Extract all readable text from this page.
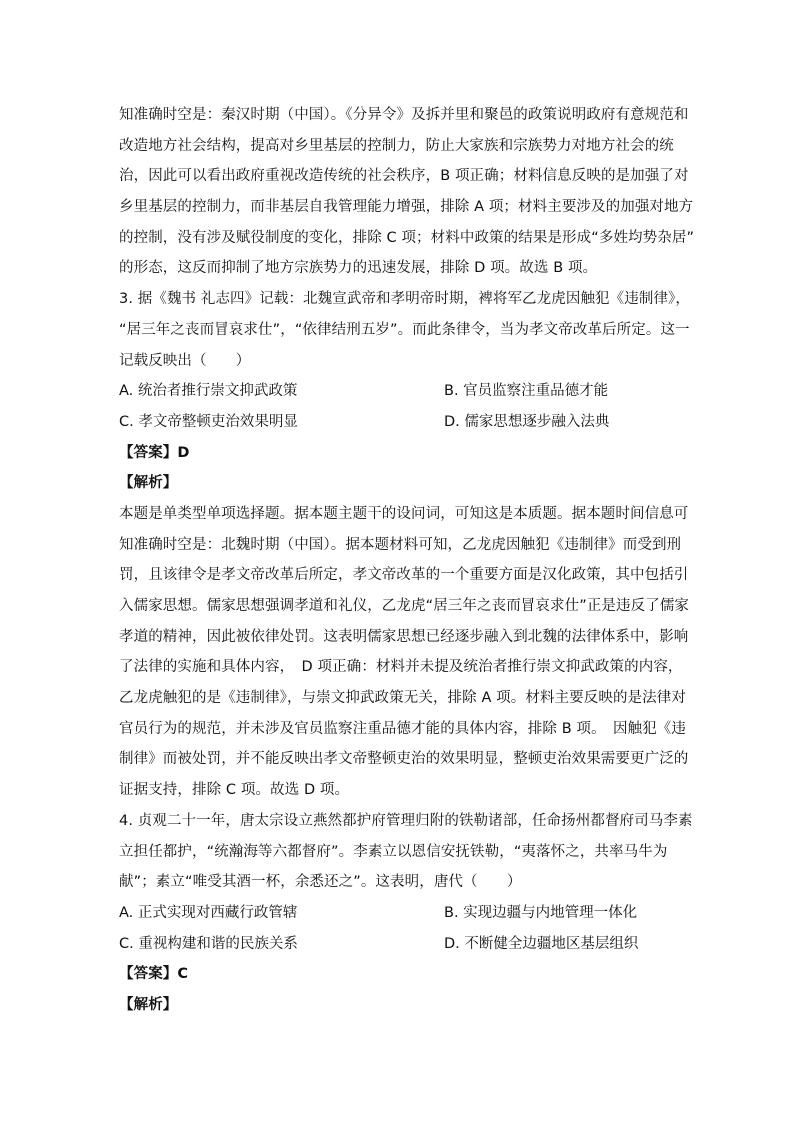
知准确时空是：秦汉时期（中国）。《分异令》及拆并里和聚邑的政策说明政府有意规范和
改造地方社会结构，提高对乡里基层的控制力，防止大家族和宗族势力对地方社会的统
治，因此可以看出政府重视改造传统的社会秩序，B 项正确；材料信息反映的是加强了对
乡里基层的控制力，而非基层自我管理能力增强，排除 A 项；材料主要涉及的加强对地方
的控制，没有涉及赋役制度的变化，排除 C 项；材料中政策的结果是形成“多姓均势杂居”
的形态，这反而抑制了地方宗族势力的迅速发展，排除 D 项。故选 B 项。
3. 据《魏书 礼志四》记载：北魏宣武帝和孝明帝时期，裨将军乙龙虎因触犯《违制律》，
“居三年之丧而冒哀求仕”，“依律结刑五岁”。而此条律令，当为孝文帝改革后所定。这一
记载反映出（　　）
A. 统治者推行崇文抑武政策	B. 官员监察注重品德才能
C. 孝文帝整顿吏治效果明显	D. 儒家思想逐步融入法典
【答案】D
【解析】
本题是单类型单项选择题。据本题主题干的设问词，可知这是本质题。据本题时间信息可
知准确时空是：北魏时期（中国）。据本题材料可知，乙龙虎因触犯《违制律》而受到刑
罚，且该律令是孝文帝改革后所定，孝文帝改革的一个重要方面是汉化政策，其中包括引
入儒家思想。儒家思想强调孝道和礼仪，乙龙虎“居三年之丧而冒哀求仕”正是违反了儒家
孝道的精神，因此被依律处罚。这表明儒家思想已经逐步融入到北魏的法律体系中，影响
了法律的实施和具体内容，　D 项正确：材料并未提及统治者推行崇文抑武政策的内容，
乙龙虎触犯的是《违制律》，与崇文抑武政策无关，排除 A 项。材料主要反映的是法律对
官员行为的规范，并未涉及官员监察注重品德才能的具体内容，排除 B 项。　因触犯《违
制律》而被处罚，并不能反映出孝文帝整顿吏治的效果明显，整顿吏治效果需要更广泛的
证据支持，排除 C 项。故选 D 项。
4. 贞观二十一年，唐太宗设立燕然都护府管理归附的铁勒诸部，任命扬州都督府司马李素
立担任都护，“统瀚海等六都督府”。李素立以恩信安抚铁勒，“夷落怀之，共率马牛为
献”；素立“唯受其酒一杯，余悉还之”。这表明，唐代（　　）
A. 正式实现对西藏行政管辖	B. 实现边疆与内地管理一体化
C. 重视构建和谐的民族关系	D. 不断健全边疆地区基层组织
【答案】C
【解析】
